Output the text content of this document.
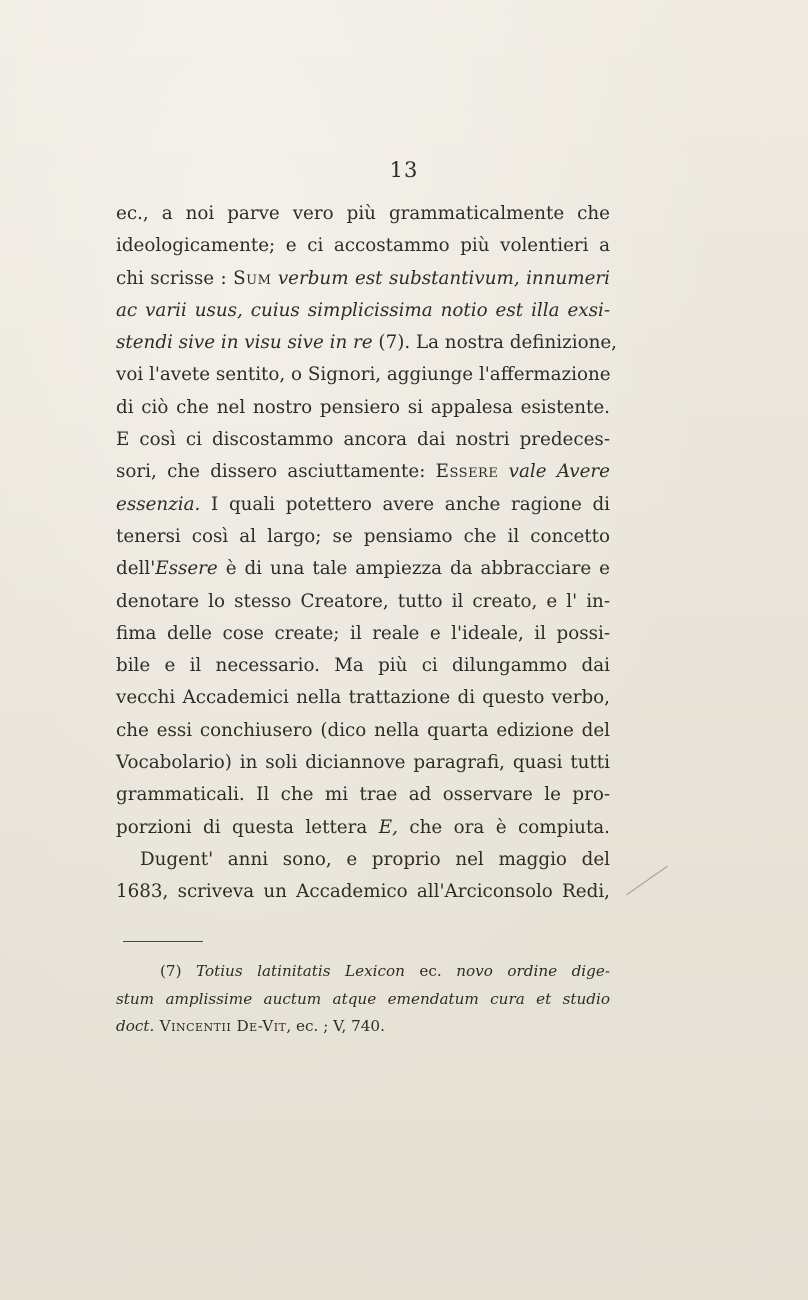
13
ec., a noi parve vero più grammaticalmente che
ideologicamente; e ci accostammo più volentieri a
chi scrisse : Sum verbum est substantivum, innumeri
ac varii usus, cuius simplicissima notio est illa exsi-
stendi sive in visu sive in re (7). La nostra definizione,
voi l'avete sentito, o Signori, aggiunge l'affermazione
di ciò che nel nostro pensiero si appalesa esistente.
E così ci discostammo ancora dai nostri predeces-
sori, che dissero asciuttamente: Essere vale Avere
essenzia. I quali potettero avere anche ragione di
tenersi così al largo; se pensiamo che il concetto
dell'Essere è di una tale ampiezza da abbracciare e
denotare lo stesso Creatore, tutto il creato, e l' in-
fima delle cose create; il reale e l'ideale, il possi-
bile e il necessario. Ma più ci dilungammo dai
vecchi Accademici nella trattazione di questo verbo,
che essi conchiusero (dico nella quarta edizione del
Vocabolario) in soli diciannove paragrafi, quasi tutti
grammaticali. Il che mi trae ad osservare le pro-
porzioni di questa lettera E, che ora è compiuta.
Dugent' anni sono, e proprio nel maggio del
1683, scriveva un Accademico all'Arciconsolo Redi,
(7) Totius latinitatis Lexicon ec. novo ordine dige-
stum amplissime auctum atque emendatum cura et studio
doct. Vincentii De-Vit, ec. ; V, 740.
